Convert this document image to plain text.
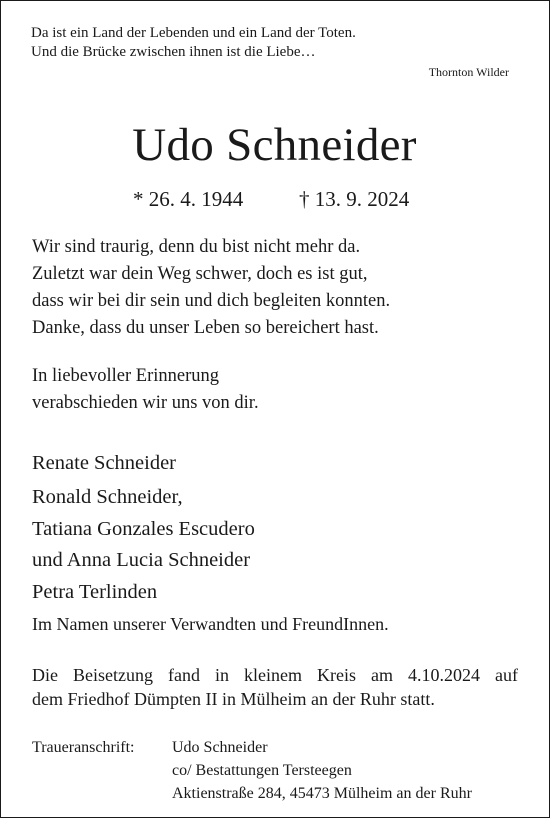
Da ist ein Land der Lebenden und ein Land der Toten.
Und die Brücke zwischen ihnen ist die Liebe…
Thornton Wilder
Udo Schneider
* 26. 4. 1944	† 13. 9. 2024
Wir sind traurig, denn du bist nicht mehr da.
Zuletzt war dein Weg schwer, doch es ist gut,
dass wir bei dir sein und dich begleiten konnten.
Danke, dass du unser Leben so bereichert hast.
In liebevoller Erinnerung
verabschieden wir uns von dir.
Renate Schneider
Ronald Schneider,
Tatiana Gonzales Escudero
und Anna Lucia Schneider
Petra Terlinden
Im Namen unserer Verwandten und FreundInnen.
Die Beisetzung fand in kleinem Kreis am 4.10.2024 auf
dem Friedhof Dümpten II in Mülheim an der Ruhr statt.
Traueranschrift: Udo Schneider
co/ Bestattungen Tersteegen
Aktienstraße 284, 45473 Mülheim an der Ruhr
